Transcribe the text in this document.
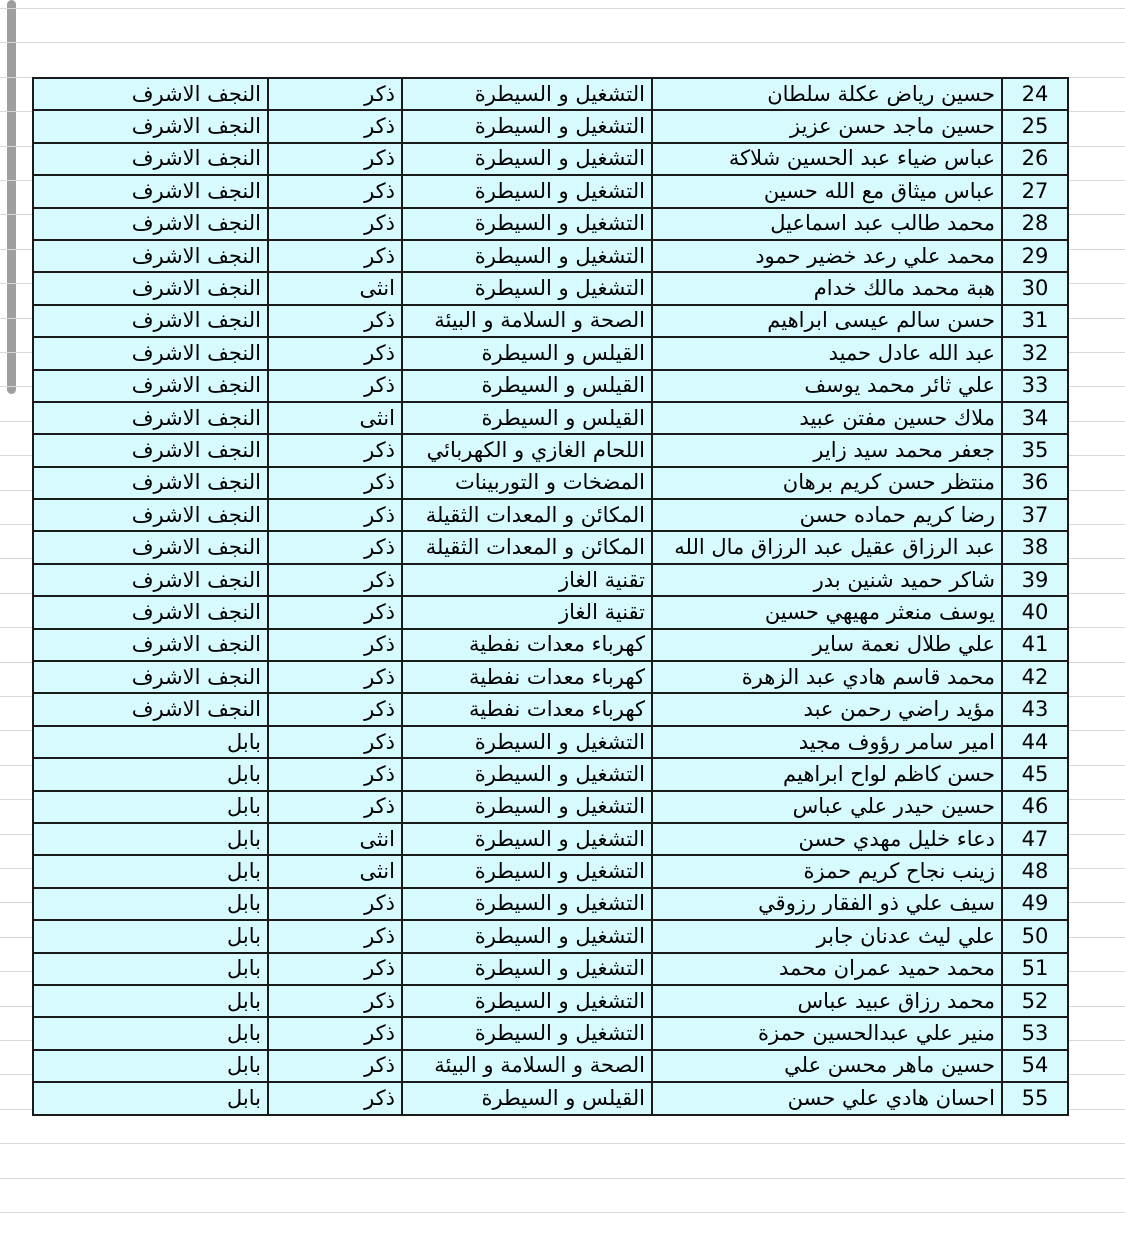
24	حسين رياض عكلة سلطان	التشغيل و السيطرة	ذكر	النجف الاشرف
25	حسين ماجد حسن عزيز	التشغيل و السيطرة	ذكر	النجف الاشرف
26	عباس ضياء عبد الحسين شلاكة	التشغيل و السيطرة	ذكر	النجف الاشرف
27	عباس ميثاق مع الله حسين	التشغيل و السيطرة	ذكر	النجف الاشرف
28	محمد طالب عبد اسماعيل	التشغيل و السيطرة	ذكر	النجف الاشرف
29	محمد علي رعد خضير حمود	التشغيل و السيطرة	ذكر	النجف الاشرف
30	هبة محمد مالك خدام	التشغيل و السيطرة	انثى	النجف الاشرف
31	حسن سالم عيسى ابراهيم	الصحة و السلامة و البيئة	ذكر	النجف الاشرف
32	عبد الله عادل حميد	القيلس و السيطرة	ذكر	النجف الاشرف
33	علي ثائر محمد يوسف	القيلس و السيطرة	ذكر	النجف الاشرف
34	ملاك حسين مفتن عبيد	القيلس و السيطرة	انثى	النجف الاشرف
35	جعفر محمد سيد زاير	اللحام الغازي و الكهربائي	ذكر	النجف الاشرف
36	منتظر حسن كريم برهان	المضخات و التوربينات	ذكر	النجف الاشرف
37	رضا كريم حماده حسن	المكائن و المعدات الثقيلة	ذكر	النجف الاشرف
38	عبد الرزاق عقيل عبد الرزاق مال الله	المكائن و المعدات الثقيلة	ذكر	النجف الاشرف
39	شاكر حميد شنين بدر	تقنية الغاز	ذكر	النجف الاشرف
40	يوسف منعثر مهيهي حسين	تقنية الغاز	ذكر	النجف الاشرف
41	علي طلال نعمة ساير	كهرباء معدات نفطية	ذكر	النجف الاشرف
42	محمد قاسم هادي عبد الزهرة	كهرباء معدات نفطية	ذكر	النجف الاشرف
43	مؤيد راضي رحمن عبد	كهرباء معدات نفطية	ذكر	النجف الاشرف
44	امير سامر رؤوف مجيد	التشغيل و السيطرة	ذكر	بابل
45	حسن كاظم لواح ابراهيم	التشغيل و السيطرة	ذكر	بابل
46	حسين حيدر علي عباس	التشغيل و السيطرة	ذكر	بابل
47	دعاء خليل مهدي حسن	التشغيل و السيطرة	انثى	بابل
48	زينب نجاح كريم حمزة	التشغيل و السيطرة	انثى	بابل
49	سيف علي ذو الفقار رزوقي	التشغيل و السيطرة	ذكر	بابل
50	علي ليث عدنان جابر	التشغيل و السيطرة	ذكر	بابل
51	محمد حميد عمران محمد	التشغيل و السيطرة	ذكر	بابل
52	محمد رزاق عبيد عباس	التشغيل و السيطرة	ذكر	بابل
53	منير علي عبدالحسين حمزة	التشغيل و السيطرة	ذكر	بابل
54	حسين ماهر محسن علي	الصحة و السلامة و البيئة	ذكر	بابل
55	احسان هادي علي حسن	القيلس و السيطرة	ذكر	بابل
